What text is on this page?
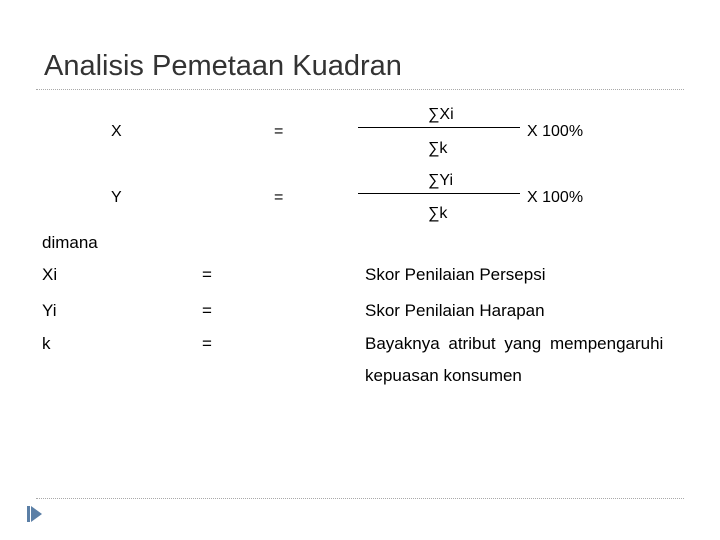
Analisis Pemetaan Kuadran
X	=
∑Xi
∑k
X 100%
Y	=
∑Yi
∑k
X 100%
dimana
Xi	=	Skor Penilaian Persepsi
Yi	=	Skor Penilaian Harapan
k	=	Bayaknya atribut yang mempengaruhi
kepuasan konsumen
